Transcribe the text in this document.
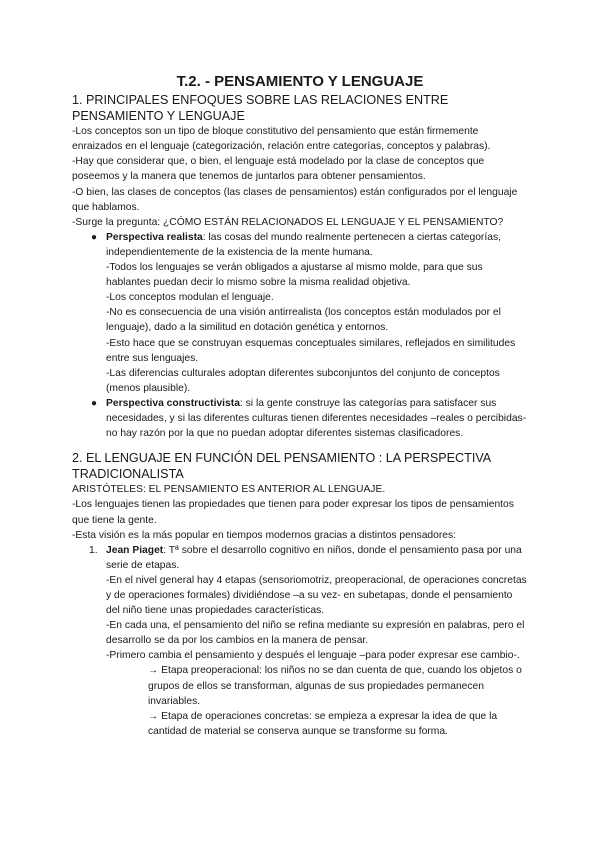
T.2. - PENSAMIENTO Y LENGUAJE
1. PRINCIPALES ENFOQUES SOBRE LAS RELACIONES ENTRE PENSAMIENTO Y LENGUAJE
-Los conceptos son un tipo de bloque constitutivo del pensamiento que están firmemente enraizados en el lenguaje (categorización, relación entre categorías, conceptos y palabras).
-Hay que considerar que, o bien, el lenguaje está modelado por la clase de conceptos que poseemos y la manera que tenemos de juntarlos para obtener pensamientos.
-O bien, las clases de conceptos (las clases de pensamientos) están configurados por el lenguaje que hablamos.
-Surge la pregunta: ¿CÓMO ESTÁN RELACIONADOS EL LENGUAJE Y EL PENSAMIENTO?
● Perspectiva realista: las cosas del mundo realmente pertenecen a ciertas categorías, independientemente de la existencia de la mente humana.
-Todos los lenguajes se verán obligados a ajustarse al mismo molde, para que sus hablantes puedan decir lo mismo sobre la misma realidad objetiva.
-Los conceptos modulan el lenguaje.
-No es consecuencia de una visión antirrealista (los conceptos están modulados por el lenguaje), dado a la similitud en dotación genética y entornos.
-Esto hace que se construyan esquemas conceptuales similares, reflejados en similitudes entre sus lenguajes.
-Las diferencias culturales adoptan diferentes subconjuntos del conjunto de conceptos (menos plausible).
● Perspectiva constructivista: si la gente construye las categorías para satisfacer sus necesidades, y si las diferentes culturas tienen diferentes necesidades –reales o percibidas- no hay razón por la que no puedan adoptar diferentes sistemas clasificadores.
2. EL LENGUAJE EN FUNCIÓN DEL PENSAMIENTO : LA PERSPECTIVA TRADICIONALISTA
ARISTÓTELES: EL PENSAMIENTO ES ANTERIOR AL LENGUAJE.
-Los lenguajes tienen las propiedades que tienen para poder expresar los tipos de pensamientos que tiene la gente.
-Esta visión es la más popular en tiempos modernos gracias a distintos pensadores:
1. Jean Piaget: Tª sobre el desarrollo cognitivo en niños, donde el pensamiento pasa por una serie de etapas.
-En el nivel general hay 4 etapas (sensoriomotriz, preoperacional, de operaciones concretas y de operaciones formales) dividiéndose –a su vez- en subetapas, donde el pensamiento del niño tiene unas propiedades características.
-En cada una, el pensamiento del niño se refina mediante su expresión en palabras, pero el desarrollo se da por los cambios en la manera de pensar.
-Primero cambia el pensamiento y después el lenguaje –para poder expresar ese cambio-.
→ Etapa preoperacional: los niños no se dan cuenta de que, cuando los objetos o grupos de ellos se transforman, algunas de sus propiedades permanecen invariables.
→ Etapa de operaciones concretas: se empieza a expresar la idea de que la cantidad de material se conserva aunque se transforme su forma.
